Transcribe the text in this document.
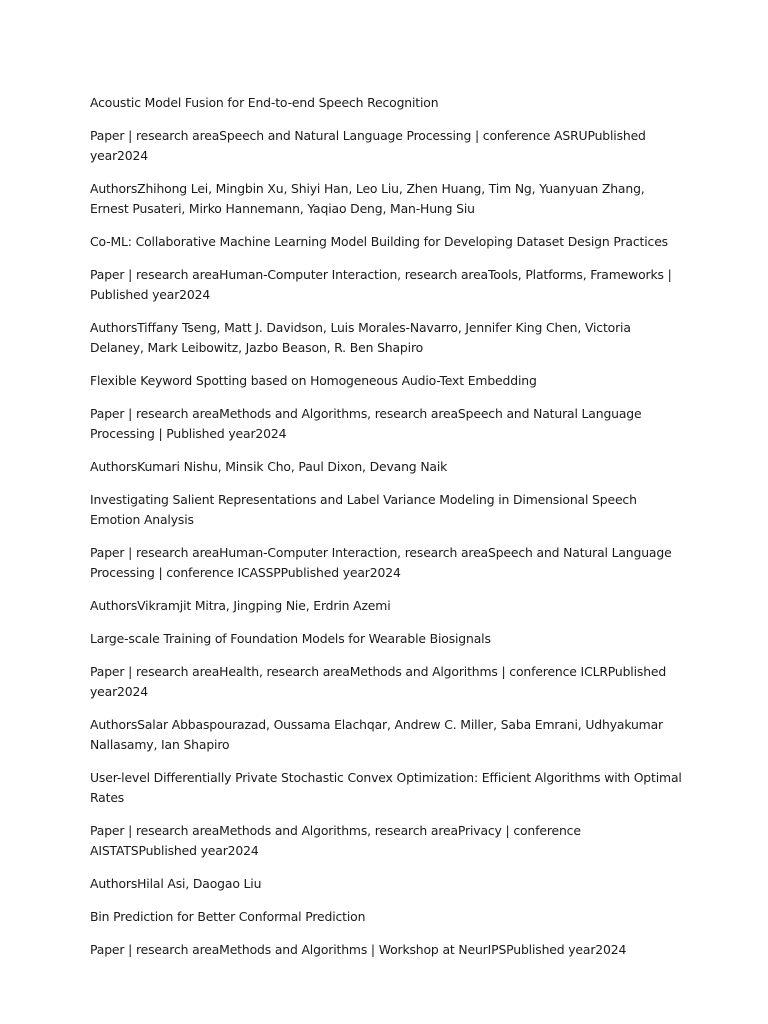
Acoustic Model Fusion for End-to-end Speech Recognition

Paper | research areaSpeech and Natural Language Processing | conference ASRUPublished year2024

AuthorsZhihong Lei, Mingbin Xu, Shiyi Han, Leo Liu, Zhen Huang, Tim Ng, Yuanyuan Zhang, Ernest Pusateri, Mirko Hannemann, Yaqiao Deng, Man-Hung Siu

Co-ML: Collaborative Machine Learning Model Building for Developing Dataset Design Practices

Paper | research areaHuman-Computer Interaction, research areaTools, Platforms, Frameworks | Published year2024

AuthorsTiffany Tseng, Matt J. Davidson, Luis Morales-Navarro, Jennifer King Chen, Victoria Delaney, Mark Leibowitz, Jazbo Beason, R. Ben Shapiro

Flexible Keyword Spotting based on Homogeneous Audio-Text Embedding

Paper | research areaMethods and Algorithms, research areaSpeech and Natural Language Processing | Published year2024

AuthorsKumari Nishu, Minsik Cho, Paul Dixon, Devang Naik

Investigating Salient Representations and Label Variance Modeling in Dimensional Speech Emotion Analysis

Paper | research areaHuman-Computer Interaction, research areaSpeech and Natural Language Processing | conference ICASSPPublished year2024

AuthorsVikramjit Mitra, Jingping Nie, Erdrin Azemi

Large-scale Training of Foundation Models for Wearable Biosignals

Paper | research areaHealth, research areaMethods and Algorithms | conference ICLRPublished year2024

AuthorsSalar Abbaspourazad, Oussama Elachqar, Andrew C. Miller, Saba Emrani, Udhyakumar Nallasamy, Ian Shapiro

User-level Differentially Private Stochastic Convex Optimization: Efficient Algorithms with Optimal Rates

Paper | research areaMethods and Algorithms, research areaPrivacy | conference AISTATSPublished year2024

AuthorsHilal Asi, Daogao Liu

Bin Prediction for Better Conformal Prediction

Paper | research areaMethods and Algorithms | Workshop at NeurIPSPublished year2024
